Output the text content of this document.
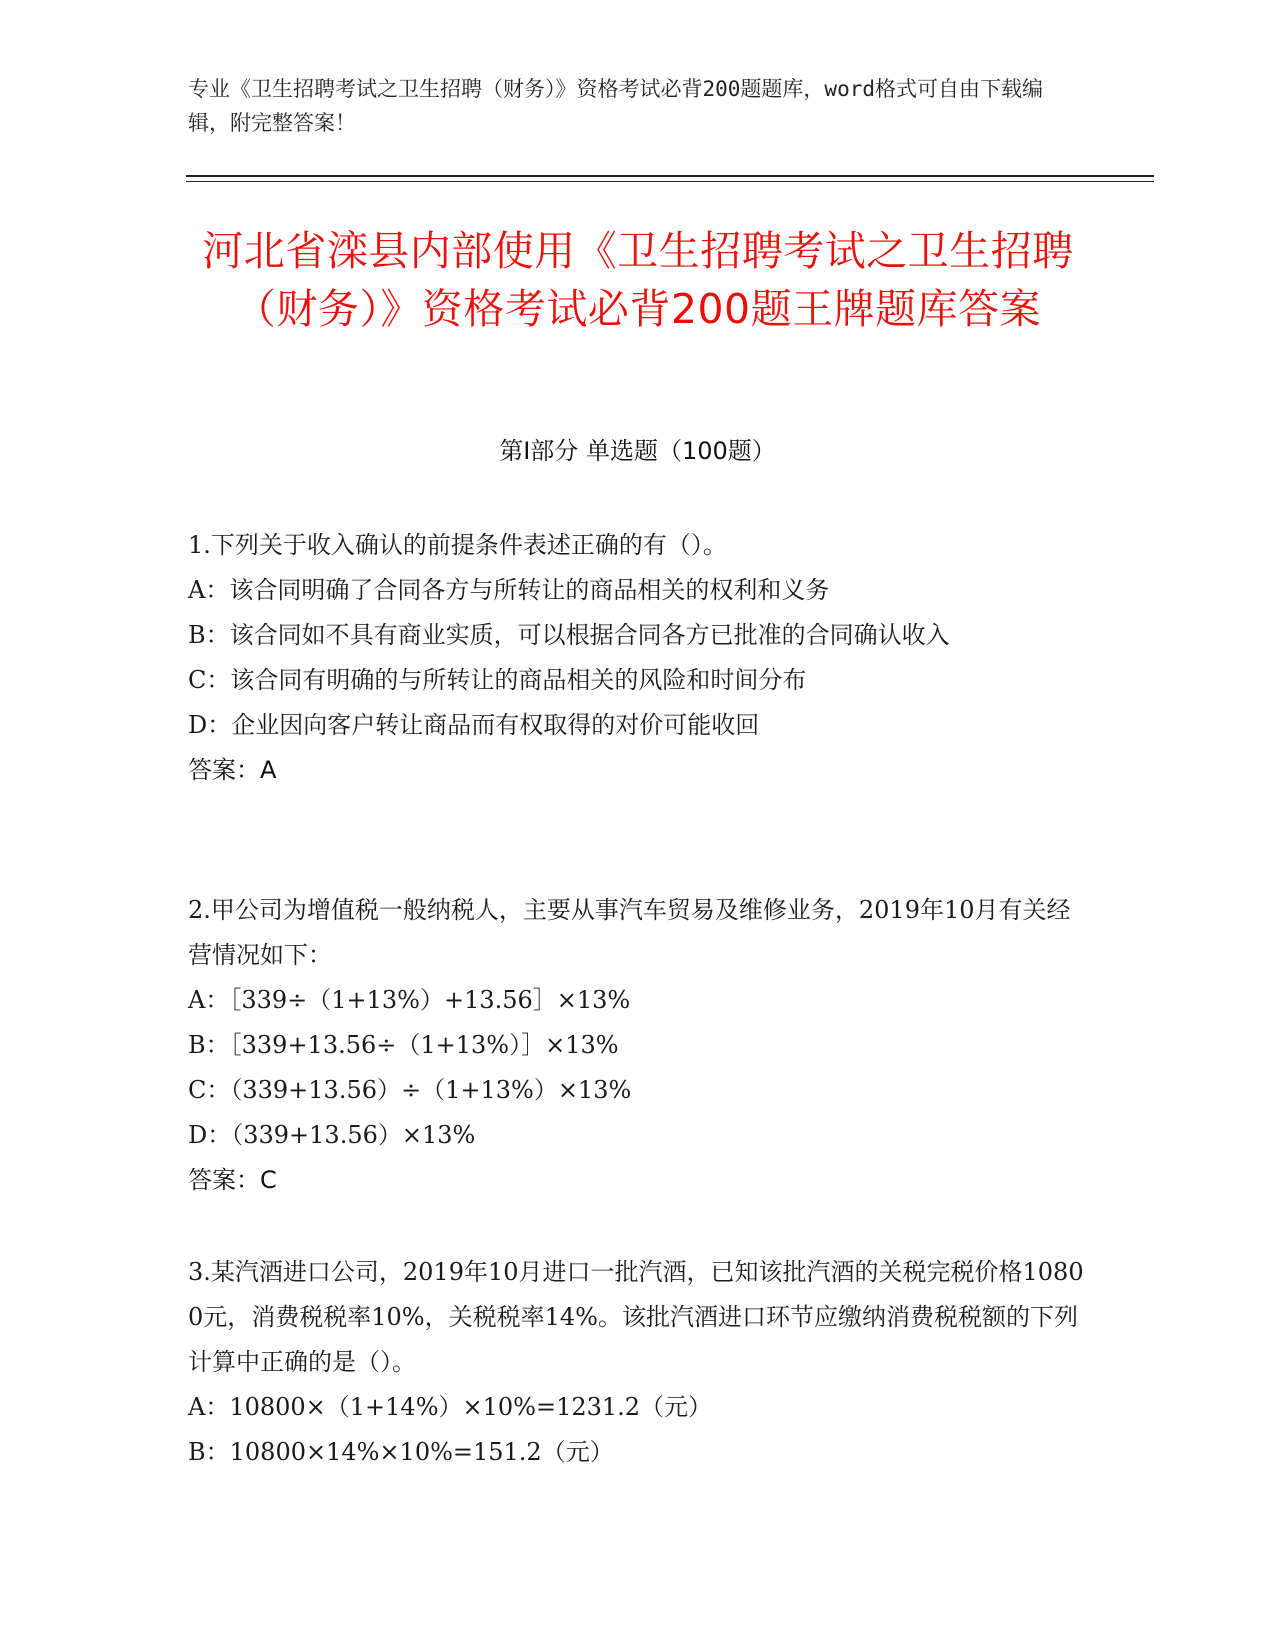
专业《卫生招聘考试之卫生招聘（财务）》资格考试必背200题题库，word格式可自由下载编辑，附完整答案！
河北省滦县内部使用《卫生招聘考试之卫生招聘（财务）》资格考试必背200题王牌题库答案
第I部分 单选题（100题）
1.下列关于收入确认的前提条件表述正确的有（）。
A：该合同明确了合同各方与所转让的商品相关的权利和义务
B：该合同如不具有商业实质，可以根据合同各方已批准的合同确认收入
C：该合同有明确的与所转让的商品相关的风险和时间分布
D：企业因向客户转让商品而有权取得的对价可能收回
答案：A
2.甲公司为增值税一般纳税人，主要从事汽车贸易及维修业务，2019年10月有关经营情况如下：
A：［339÷（1+13%）+13.56］×13%
B：［339+13.56÷（1+13%）］×13%
C：（339+13.56）÷（1+13%）×13%
D：（339+13.56）×13%
答案：C
3.某汽酒进口公司，2019年10月进口一批汽酒，已知该批汽酒的关税完税价格10800元，消费税税率10%，关税税率14%。该批汽酒进口环节应缴纳消费税税额的下列计算中正确的是（）。
A：10800×（1+14%）×10%=1231.2（元）
B：10800×14%×10%=151.2（元）
